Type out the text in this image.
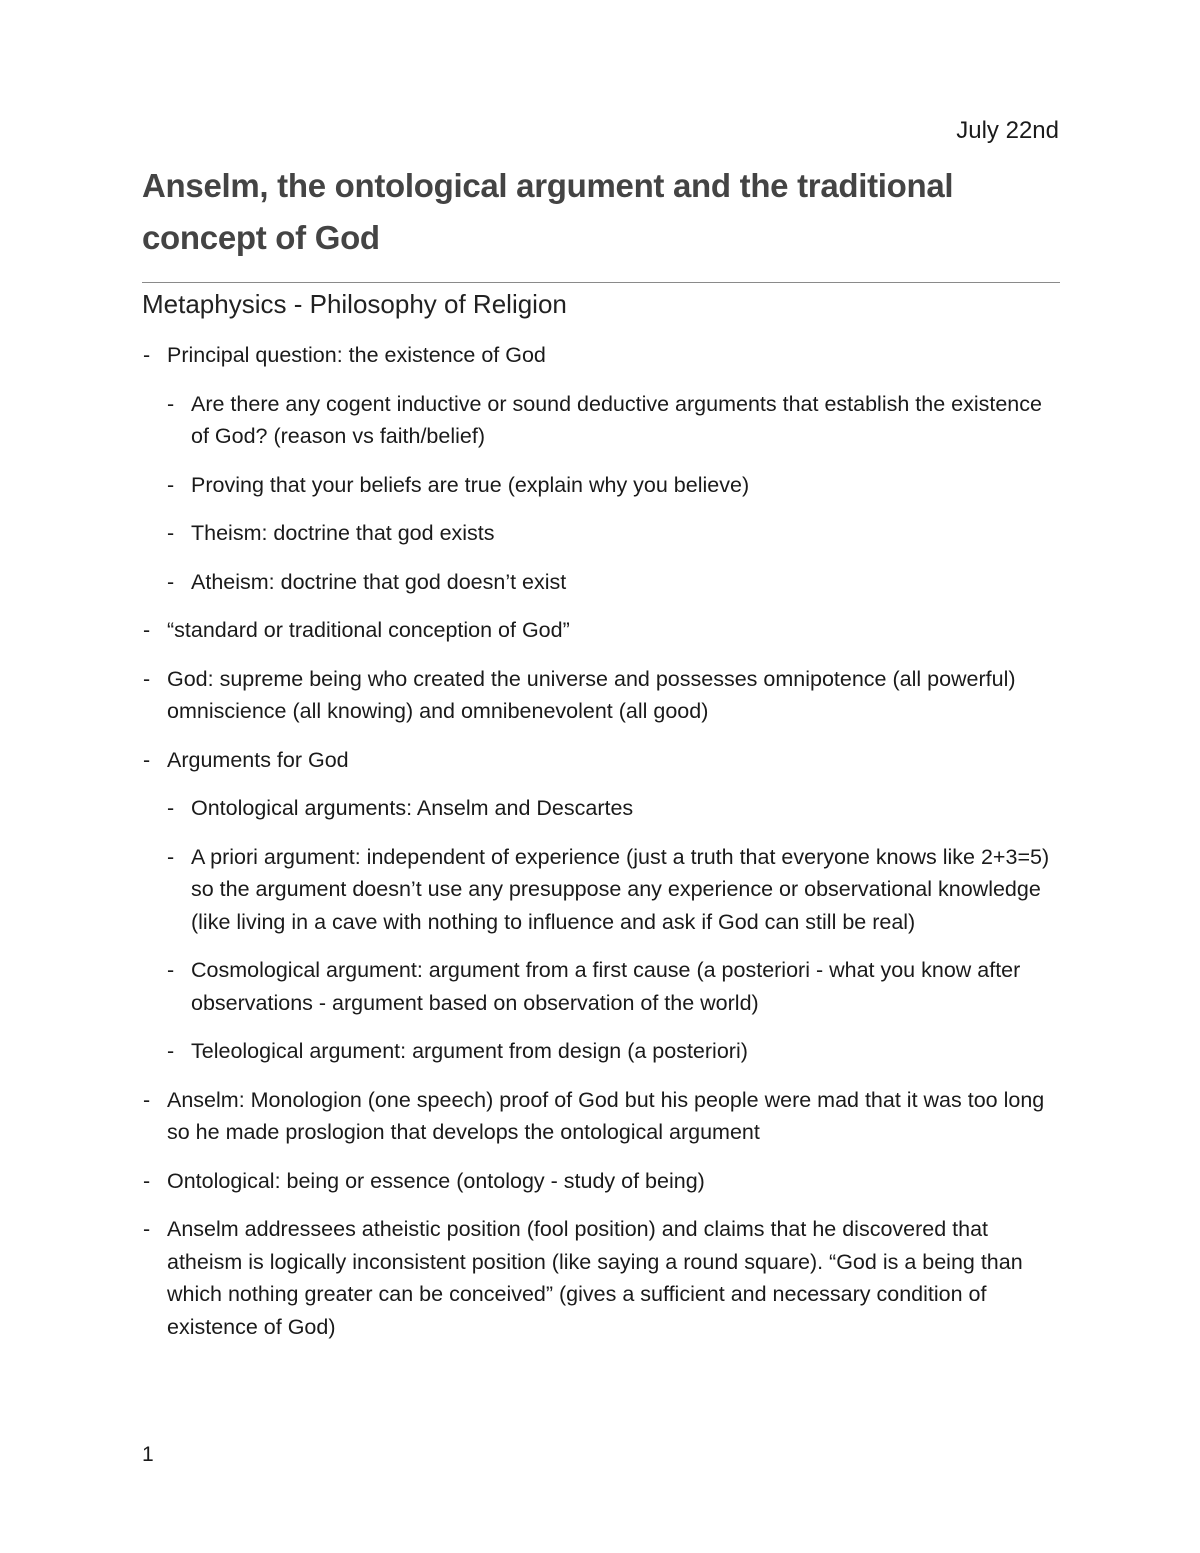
July 22nd
Anselm, the ontological argument and the traditional concept of God
Metaphysics - Philosophy of Religion
- Principal question: the existence of God
- Are there any cogent inductive or sound deductive arguments that establish the existence of God? (reason vs faith/belief)
- Proving that your beliefs are true (explain why you believe)
- Theism: doctrine that god exists
- Atheism: doctrine that god doesn’t exist
- “standard or traditional conception of God”
- God: supreme being who created the universe and possesses omnipotence (all powerful) omniscience (all knowing) and omnibenevolent (all good)
- Arguments for God
- Ontological arguments: Anselm and Descartes
- A priori argument: independent of experience (just a truth that everyone knows like 2+3=5) so the argument doesn’t use any presuppose any experience or observational knowledge (like living in a cave with nothing to influence and ask if God can still be real)
- Cosmological argument: argument from a first cause (a posteriori - what you know after observations - argument based on observation of the world)
- Teleological argument: argument from design (a posteriori)
- Anselm: Monologion (one speech) proof of God but his people were mad that it was too long so he made proslogion that develops the ontological argument
- Ontological: being or essence (ontology - study of being)
- Anselm addressees atheistic position (fool position) and claims that he discovered that atheism is logically inconsistent position (like saying a round square). “God is a being than which nothing greater can be conceived” (gives a sufficient and necessary condition of existence of God)
1
